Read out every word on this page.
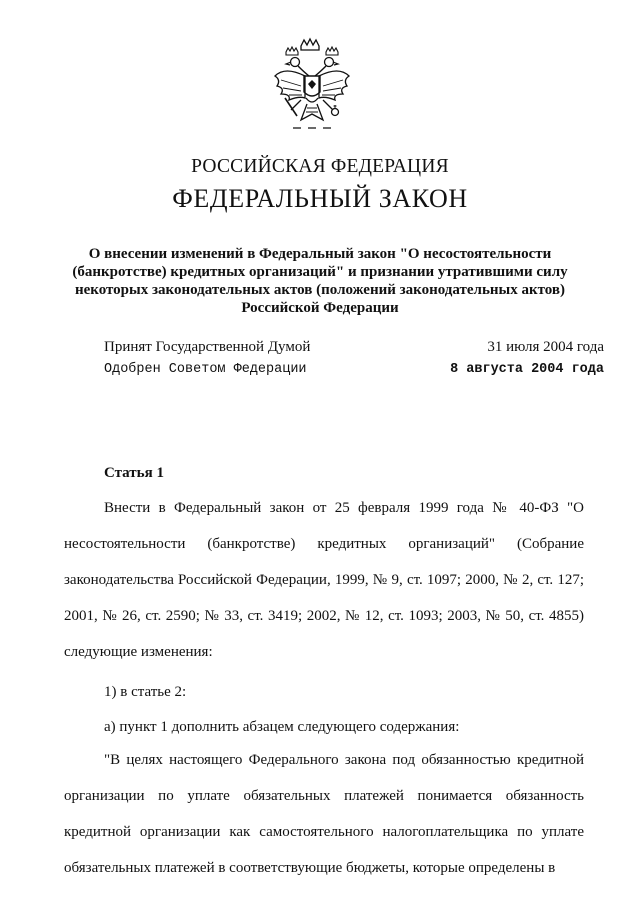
РОССИЙСКАЯ ФЕДЕРАЦИЯ
ФЕДЕРАЛЬНЫЙ ЗАКОН
О внесении изменений в Федеральный закон "О несостоятельности (банкротстве) кредитных организаций" и признании утратившими силу некоторых законодательных актов (положений законодательных актов) Российской Федерации
Принят Государственной Думой	31 июля 2004 года
Одобрен Советом Федерации	8 августа 2004 года
Статья 1
Внести в Федеральный закон от 25 февраля 1999 года № 40-ФЗ "О несостоятельности (банкротстве) кредитных организаций" (Собрание законодательства Российской Федерации, 1999, № 9, ст. 1097; 2000, № 2, ст. 127; 2001, № 26, ст. 2590; № 33, ст. 3419; 2002, № 12, ст. 1093; 2003, № 50, ст. 4855) следующие изменения:
1) в статье 2:
а) пункт 1 дополнить абзацем следующего содержания:
"В целях настоящего Федерального закона под обязанностью кредитной организации по уплате обязательных платежей понимается обязанность кредитной организации как самостоятельного налогоплательщика по уплате обязательных платежей в соответствующие бюджеты, которые определены в
